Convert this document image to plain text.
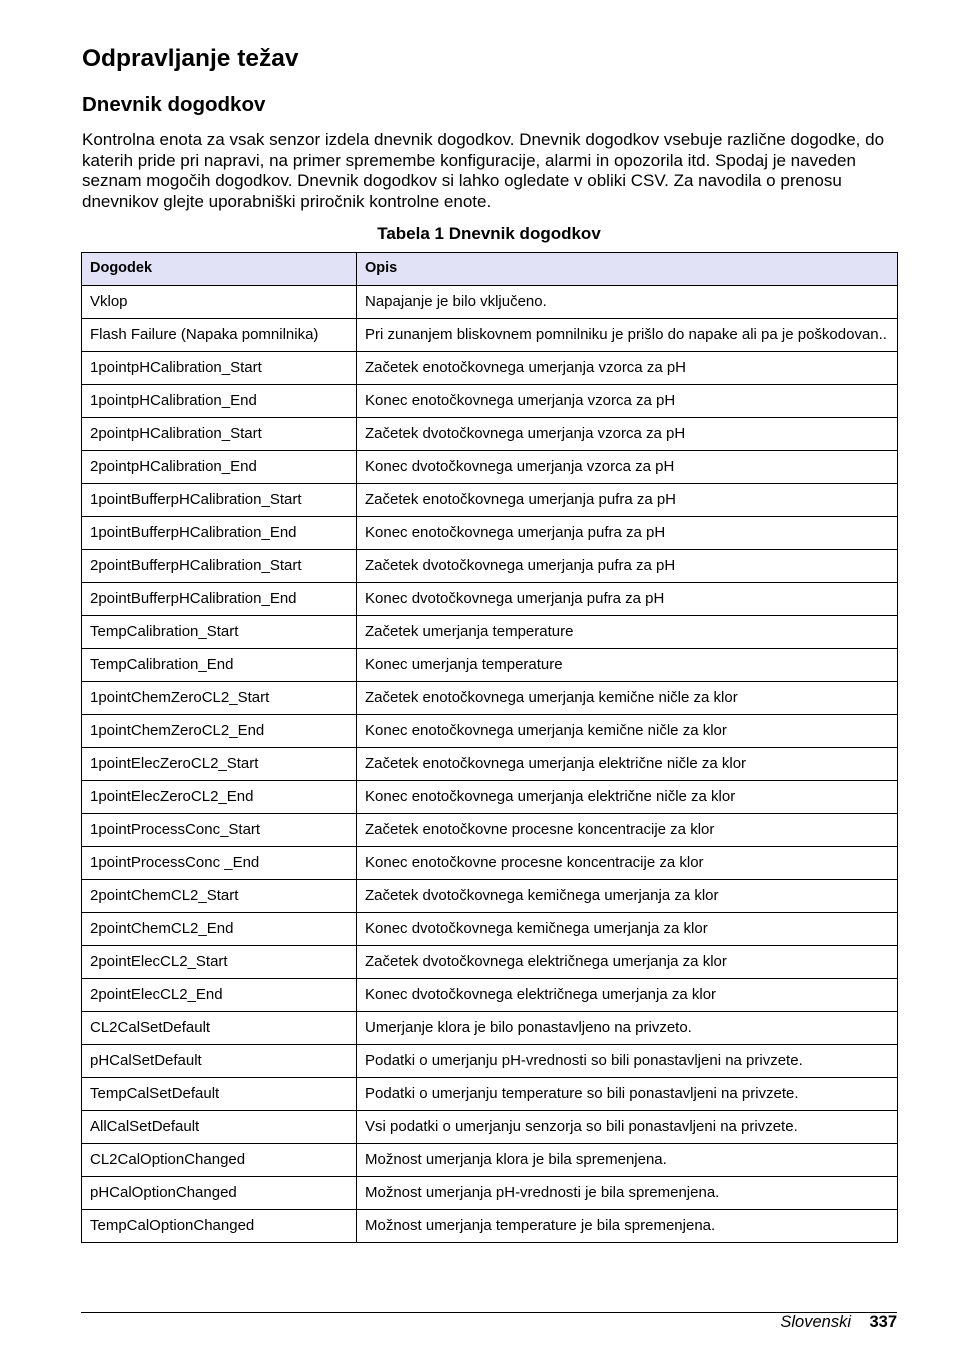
Odpravljanje težav
Dnevnik dogodkov

Kontrolna enota za vsak senzor izdela dnevnik dogodkov. Dnevnik dogodkov vsebuje različne dogodke, do katerih pride pri napravi, na primer spremembe konfiguracije, alarmi in opozorila itd. Spodaj je naveden seznam mogočih dogodkov. Dnevnik dogodkov si lahko ogledate v obliki CSV. Za navodila o prenosu dnevnikov glejte uporabniški priročnik kontrolne enote.

Tabela 1 Dnevnik dogodkov
Dogodek	Opis
Vklop	Napajanje je bilo vključeno.
Flash Failure (Napaka pomnilnika)	Pri zunanjem bliskovnem pomnilniku je prišlo do napake ali pa je poškodovan..
1pointpHCalibration_Start	Začetek enotočkovnega umerjanja vzorca za pH
1pointpHCalibration_End	Konec enotočkovnega umerjanja vzorca za pH
2pointpHCalibration_Start	Začetek dvotočkovnega umerjanja vzorca za pH
2pointpHCalibration_End	Konec dvotočkovnega umerjanja vzorca za pH
1pointBufferpHCalibration_Start	Začetek enotočkovnega umerjanja pufra za pH
1pointBufferpHCalibration_End	Konec enotočkovnega umerjanja pufra za pH
2pointBufferpHCalibration_Start	Začetek dvotočkovnega umerjanja pufra za pH
2pointBufferpHCalibration_End	Konec dvotočkovnega umerjanja pufra za pH
TempCalibration_Start	Začetek umerjanja temperature
TempCalibration_End	Konec umerjanja temperature
1pointChemZeroCL2_Start	Začetek enotočkovnega umerjanja kemične ničle za klor
1pointChemZeroCL2_End	Konec enotočkovnega umerjanja kemične ničle za klor
1pointElecZeroCL2_Start	Začetek enotočkovnega umerjanja električne ničle za klor
1pointElecZeroCL2_End	Konec enotočkovnega umerjanja električne ničle za klor
1pointProcessConc_Start	Začetek enotočkovne procesne koncentracije za klor
1pointProcessConc _End	Konec enotočkovne procesne koncentracije za klor
2pointChemCL2_Start	Začetek dvotočkovnega kemičnega umerjanja za klor
2pointChemCL2_End	Konec dvotočkovnega kemičnega umerjanja za klor
2pointElecCL2_Start	Začetek dvotočkovnega električnega umerjanja za klor
2pointElecCL2_End	Konec dvotočkovnega električnega umerjanja za klor
CL2CalSetDefault	Umerjanje klora je bilo ponastavljeno na privzeto.
pHCalSetDefault	Podatki o umerjanju pH-vrednosti so bili ponastavljeni na privzete.
TempCalSetDefault	Podatki o umerjanju temperature so bili ponastavljeni na privzete.
AllCalSetDefault	Vsi podatki o umerjanju senzorja so bili ponastavljeni na privzete.
CL2CalOptionChanged	Možnost umerjanja klora je bila spremenjena.
pHCalOptionChanged	Možnost umerjanja pH-vrednosti je bila spremenjena.
TempCalOptionChanged	Možnost umerjanja temperature je bila spremenjena.
Slovenski 337
